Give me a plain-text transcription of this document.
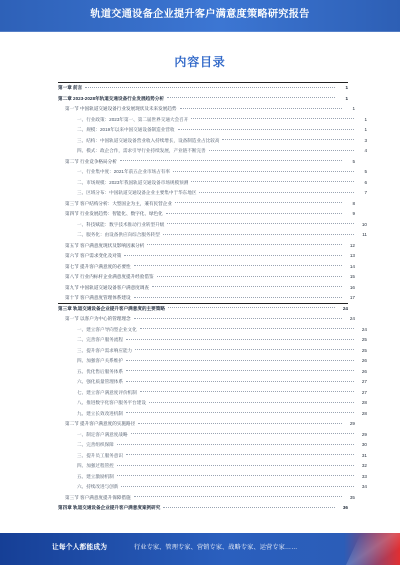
轨道交通设备企业提升客户满意度策略研究报告
内容目录
第一章 前言	1
第二章 2023-2028年轨道交通设备行业发展趋势分析	1
第一节 中国轨道交通设备行业发展现状及未来发展趋势	1
一、行业政策：2023年第一、第二届世界交通大会召开	1
二、规模：2019年以来中国交通设备制造业营收	1
三、结构：中国轨道交通设备营业收入持续增长，设备制造业占比较高	3
四、模式：政企合作，需求引导行业持续发展，产业链不断完善	4
第二节 行业竞争格局分析	5
一、行业集中度：2021年前五企业市场占有率	5
二、市场规模：2023年我国轨道交通设备市场规模预测	6
三、区域分布：中国轨道交通设备企业主要集中于华东地区	7
第三节 客户结构分析：大型国企为主，兼有民营企业	8
第四节 行业发展趋势：智能化、数字化、绿色化	9
一、科技赋能：数字技术推动行业转型升级	10
二、服务化：由设备供应向综合服务转型	11
第五节 客户满意度现状及影响因素分析	12
第六节 客户需求变化及对策	13
第七节 提升客户满意度的必要性	14
第八节 行业内标杆企业满意度提升经验借鉴	15
第九节 中国轨道交通设备客户满意度调查	16
第十节 客户满意度管理体系建设	17
第三章 轨道交通设备企业提升客户满意度的主要策略	24
第一节 以客户为中心的管理理念	24
一、建立客户导向型企业文化	24
二、完善客户服务流程	25
三、提升客户需求响应能力	25
四、加强客户关系维护	26
五、优化售后服务体系	26
六、强化质量管理体系	27
七、建立客户满意度评价机制	27
八、推进数字化客户服务平台建设	28
九、建立长效改进机制	28
第二节 提升客户满意度的实施路径	29
一、制定客户满意度战略	29
二、完善组织保障	30
三、提升员工服务意识	31
四、加强过程管控	32
五、建立激励机制	33
六、持续改进与创新	34
第三节 客户满意度提升保障措施	35
第四章 轨道交通设备企业提升客户满意度案例研究	36
让每个人都能成为	行业专家、管理专家、营销专家、战略专家、运营专家……
